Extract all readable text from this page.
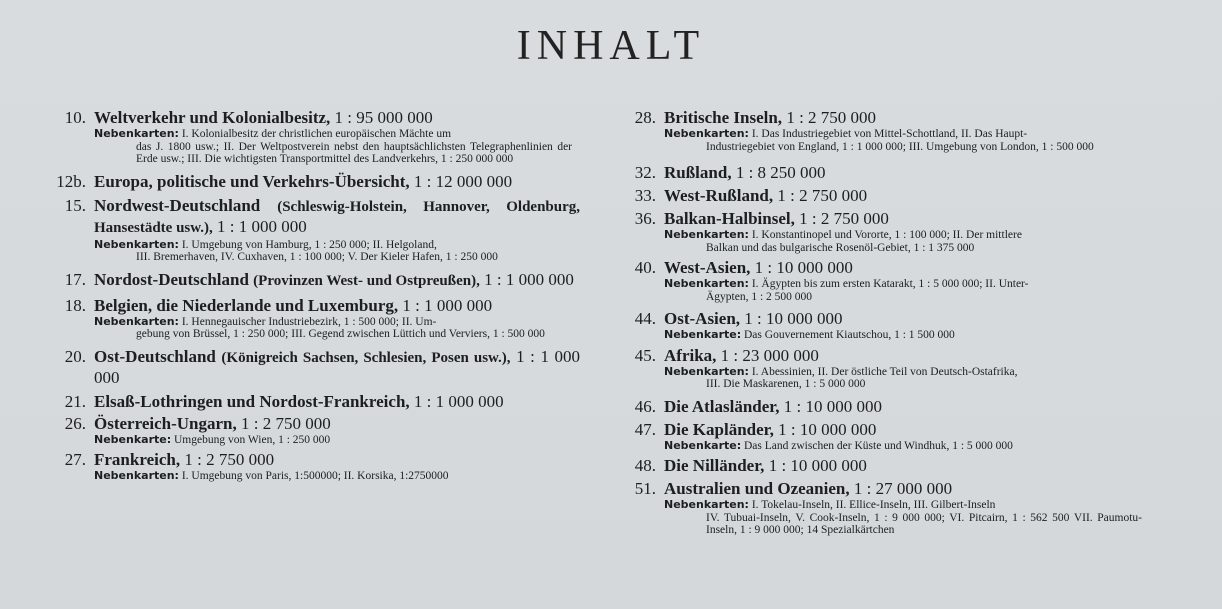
INHALT
10. Weltverkehr und Kolonialbesitz, 1 : 95 000 000

Nebenkarten: I. Kolonialbesitz der christlichen europäischen Mächte um
das J. 1800 usw.; II. Der Weltpostverein nebst den hauptsächlichsten Telegraphenlinien der Erde usw.; III. Die wichtigsten Transportmittel des Landverkehrs, 1 : 250 000 000

12b. Europa, politische und Verkehrs-Übersicht, 1 : 12 000 000

15. Nordwest-Deutschland (Schleswig-Holstein, Hannover, Oldenburg, Hansestädte usw.), 1 : 1 000 000

Nebenkarten: I. Umgebung von Hamburg, 1 : 250 000; II. Helgoland,
III. Bremerhaven, IV. Cuxhaven, 1 : 100 000; V. Der Kieler Hafen, 1 : 250 000

17. Nordost-Deutschland (Provinzen West- und Ostpreußen), 1 : 1 000 000

18. Belgien, die Niederlande und Luxemburg, 1 : 1 000 000

Nebenkarten: I. Hennegauischer Industriebezirk, 1 : 500 000; II. Um-
gebung von Brüssel, 1 : 250 000; III. Gegend zwischen Lüttich und Verviers, 1 : 500 000

20. Ost-Deutschland (Königreich Sachsen, Schlesien, Posen usw.), 1 : 1 000 000

21. Elsaß-Lothringen und Nordost-Frankreich, 1 : 1 000 000

26. Österreich-Ungarn, 1 : 2 750 000

Nebenkarte: Umgebung von Wien, 1 : 250 000

27. Frankreich, 1 : 2 750 000

Nebenkarten: I. Umgebung von Paris, 1:500000; II. Korsika, 1:2750000

28. Britische Inseln, 1 : 2 750 000

Nebenkarten: I. Das Industriegebiet von Mittel-Schottland, II. Das Haupt-
Industriegebiet von England, 1 : 1 000 000; III. Umgebung von London, 1 : 500 000

32. Rußland, 1 : 8 250 000

33. West-Rußland, 1 : 2 750 000

36. Balkan-Halbinsel, 1 : 2 750 000

Nebenkarten: I. Konstantinopel und Vororte, 1 : 100 000; II. Der mittlere
Balkan und das bulgarische Rosenöl-Gebiet, 1 : 1 375 000

40. West-Asien, 1 : 10 000 000

Nebenkarten: I. Ägypten bis zum ersten Katarakt, 1 : 5 000 000; II. Unter-
Ägypten, 1 : 2 500 000

44. Ost-Asien, 1 : 10 000 000

Nebenkarte: Das Gouvernement Kiautschou, 1 : 1 500 000

45. Afrika, 1 : 23 000 000

Nebenkarten: I. Abessinien, II. Der östliche Teil von Deutsch-Ostafrika,
III. Die Maskarenen, 1 : 5 000 000

46. Die Atlasländer, 1 : 10 000 000

47. Die Kapländer, 1 : 10 000 000

Nebenkarte: Das Land zwischen der Küste und Windhuk, 1 : 5 000 000

48. Die Nilländer, 1 : 10 000 000

51. Australien und Ozeanien, 1 : 27 000 000

Nebenkarten: I. Tokelau-Inseln, II. Ellice-Inseln, III. Gilbert-Inseln
IV. Tubuai-Inseln, V. Cook-Inseln, 1 : 9 000 000; VI. Pitcairn, 1 : 562 500 VII. Paumotu-Inseln, 1 : 9 000 000; 14 Spezialkärtchen
